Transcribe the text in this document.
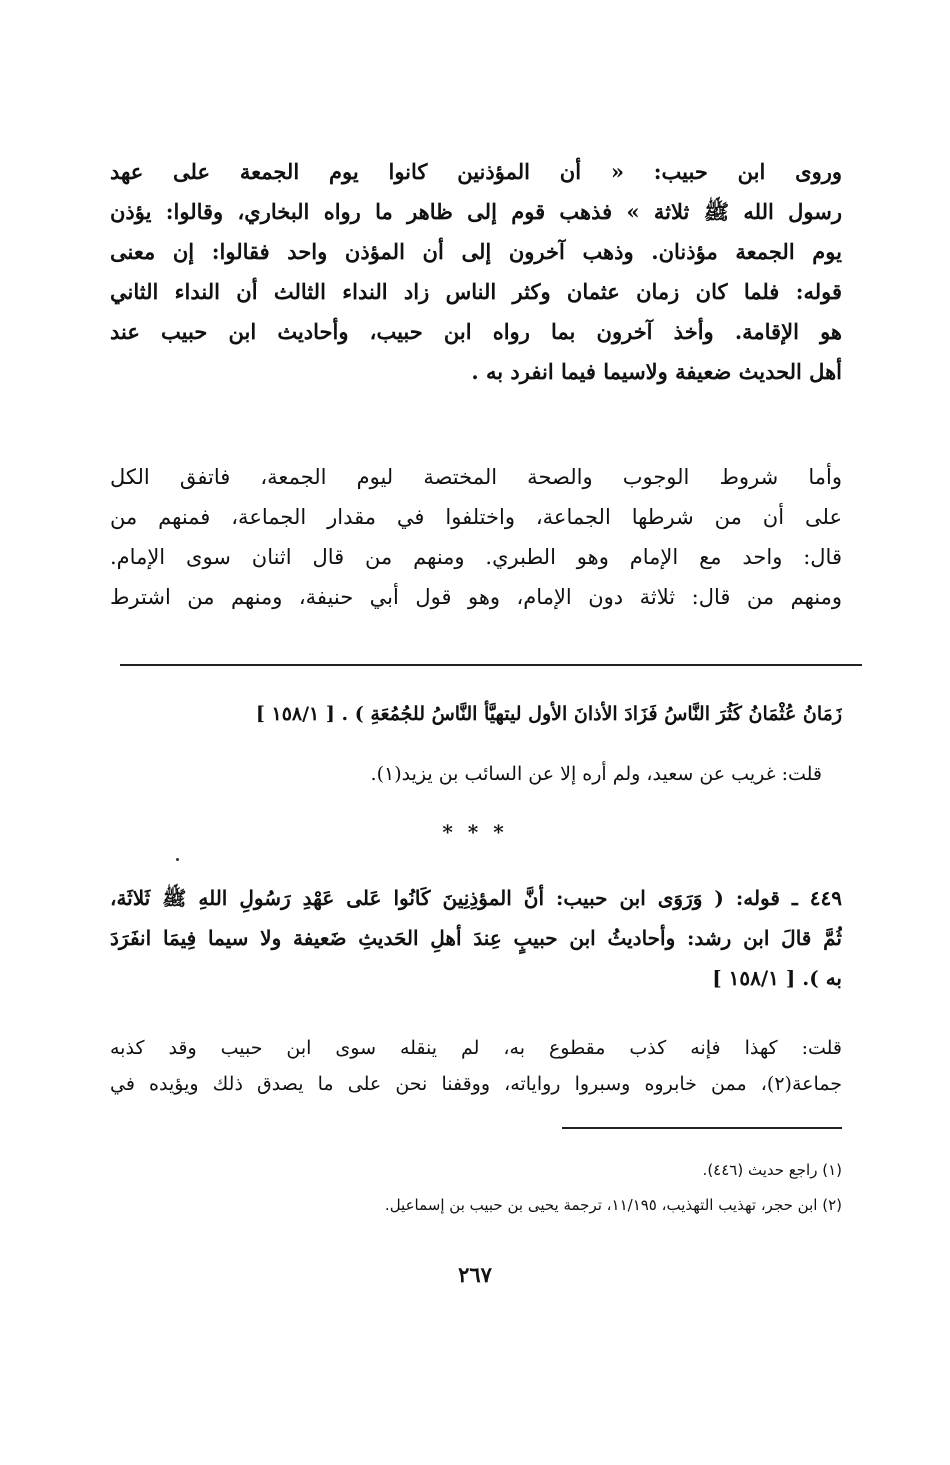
وروى ابن حبيب: « أن المؤذنين كانوا يوم الجمعة على عهد
رسول الله ﷺ ثلاثة » فذهب قوم إلى ظاهر ما رواه البخاري، وقالوا: يؤذن
يوم الجمعة مؤذنان. وذهب آخرون إلى أن المؤذن واحد فقالوا: إن معنى
قوله: فلما كان زمان عثمان وكثر الناس زاد النداء الثالث أن النداء الثاني
هو الإقامة. وأخذ آخرون بما رواه ابن حبيب، وأحاديث ابن حبيب عند
أهل الحديث ضعيفة ولاسيما فيما انفرد به .
وأما شروط الوجوب والصحة المختصة ليوم الجمعة، فاتفق الكل
على أن من شرطها الجماعة، واختلفوا في مقدار الجماعة، فمنهم من
قال: واحد مع الإمام وهو الطبري. ومنهم من قال اثنان سوى الإمام.
ومنهم من قال: ثلاثة دون الإمام، وهو قول أبي حنيفة، ومنهم من اشترط
زَمَانُ عُثْمَانُ كَثُرَ النَّاسُ فَزَادَ الأذانَ الأول ليتهيَّأ النَّاسُ للجُمُعَةِ ) . [ ١٥٨/١ ]
قلت: غريب عن سعيد، ولم أره إلا عن السائب بن يزيد(١).
* * *
٤٤٩ ـ قوله: ( وَرَوَى ابن حبيب: أنَّ المؤذِنِينَ كَانُوا عَلى عَهْدِ رَسُولِ اللهِ ﷺ ثَلاثَة،
ثُمَّ قالَ ابن رشد: وأحاديثُ ابن حبيبٍ عِندَ أهلِ الحَديثِ ضَعيفة ولا سيما فِيمَا انفَرَدَ
به ). [ ١٥٨/١ ]
قلت: كهذا فإنه كذب مقطوع به، لم ينقله سوى ابن حبيب وقد كذبه
جماعة(٢)، ممن خابروه وسبروا رواياته، ووقفنا نحن على ما يصدق ذلك ويؤيده في
(١) راجع حديث (٤٤٦).
(٢) ابن حجر، تهذيب التهذيب، ١١/١٩٥، ترجمة يحيى بن حبيب بن إسماعيل.
٢٦٧
